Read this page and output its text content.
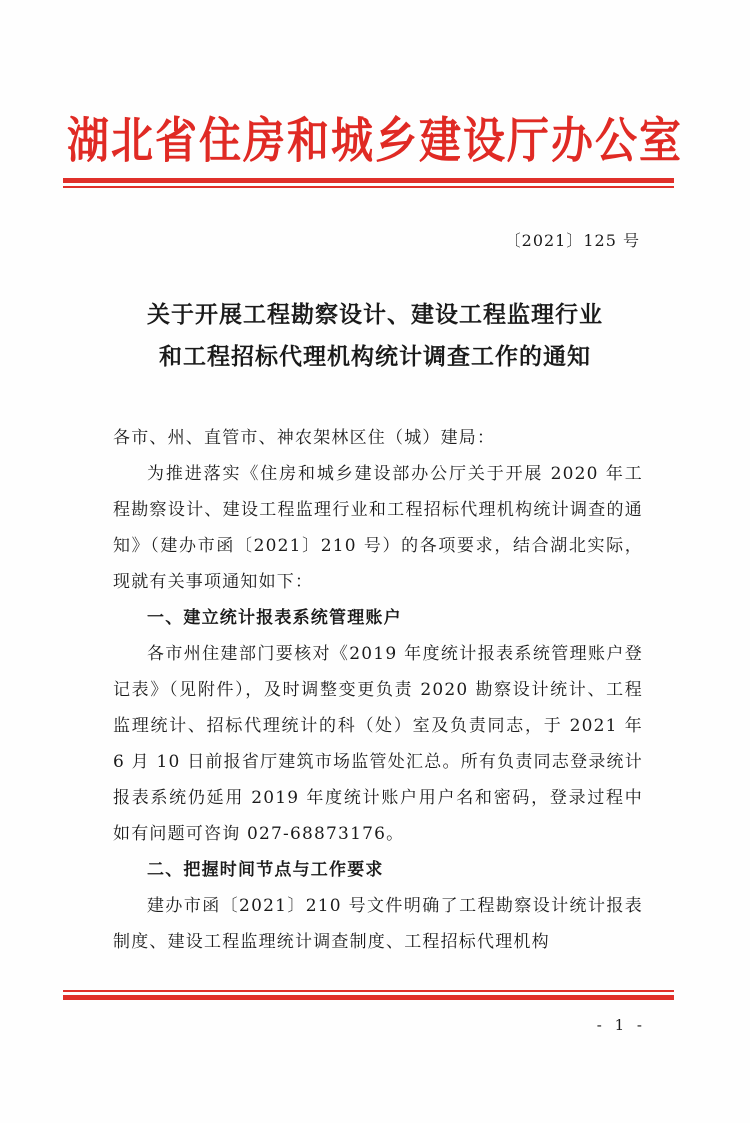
湖北省住房和城乡建设厅办公室
〔2021〕125 号
关于开展工程勘察设计、建设工程监理行业
和工程招标代理机构统计调查工作的通知

各市、州、直管市、神农架林区住（城）建局：

为推进落实《住房和城乡建设部办公厅关于开展 2020 年工程勘察设计、建设工程监理行业和工程招标代理机构统计调查的通知》（建办市函〔2021〕210 号）的各项要求，结合湖北实际，现就有关事项通知如下：

一、建立统计报表系统管理账户

各市州住建部门要核对《2019 年度统计报表系统管理账户登记表》（见附件），及时调整变更负责 2020 勘察设计统计、工程监理统计、招标代理统计的科（处）室及负责同志，于 2021 年 6 月 10 日前报省厅建筑市场监管处汇总。所有负责同志登录统计报表系统仍延用 2019 年度统计账户用户名和密码，登录过程中如有问题可咨询 027-68873176。

二、把握时间节点与工作要求

建办市函〔2021〕210 号文件明确了工程勘察设计统计报表制度、建设工程监理统计调查制度、工程招标代理机构

- 1 -
